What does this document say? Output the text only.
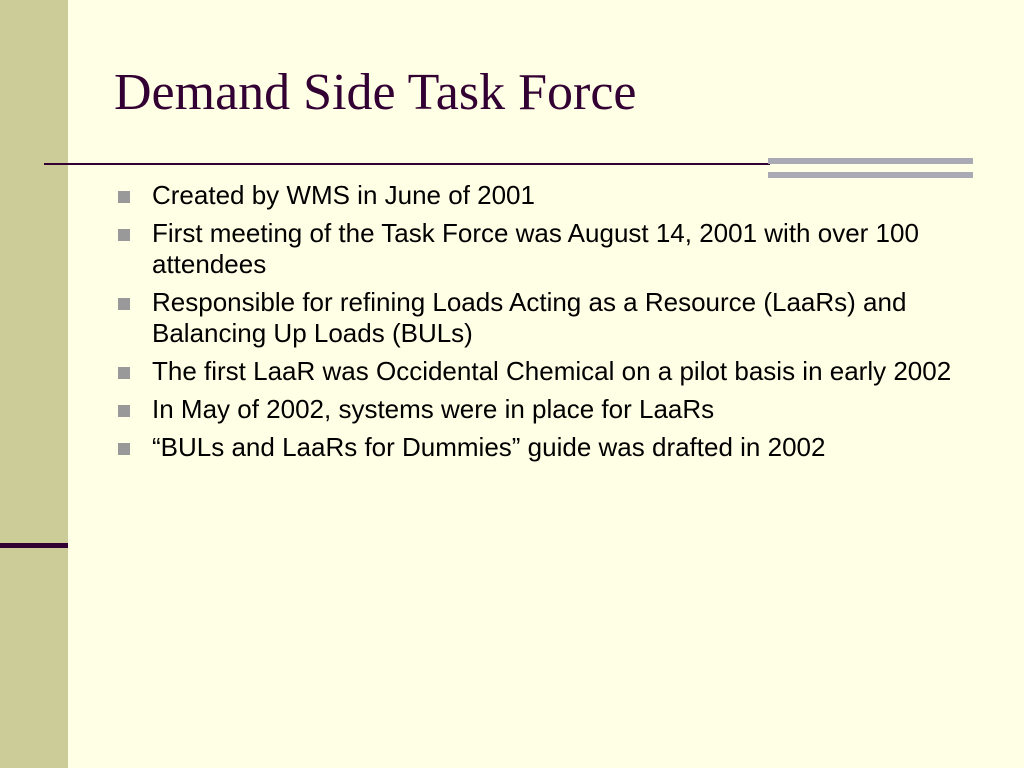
Demand Side Task Force
Created by WMS in June of 2001
First meeting of the Task Force was August 14, 2001 with over 100 attendees
Responsible for refining Loads Acting as a Resource (LaaRs) and Balancing Up Loads (BULs)
The first LaaR was Occidental Chemical on a pilot basis in early 2002
In May of 2002, systems were in place for LaaRs
“BULs and LaaRs for Dummies” guide was drafted in 2002
